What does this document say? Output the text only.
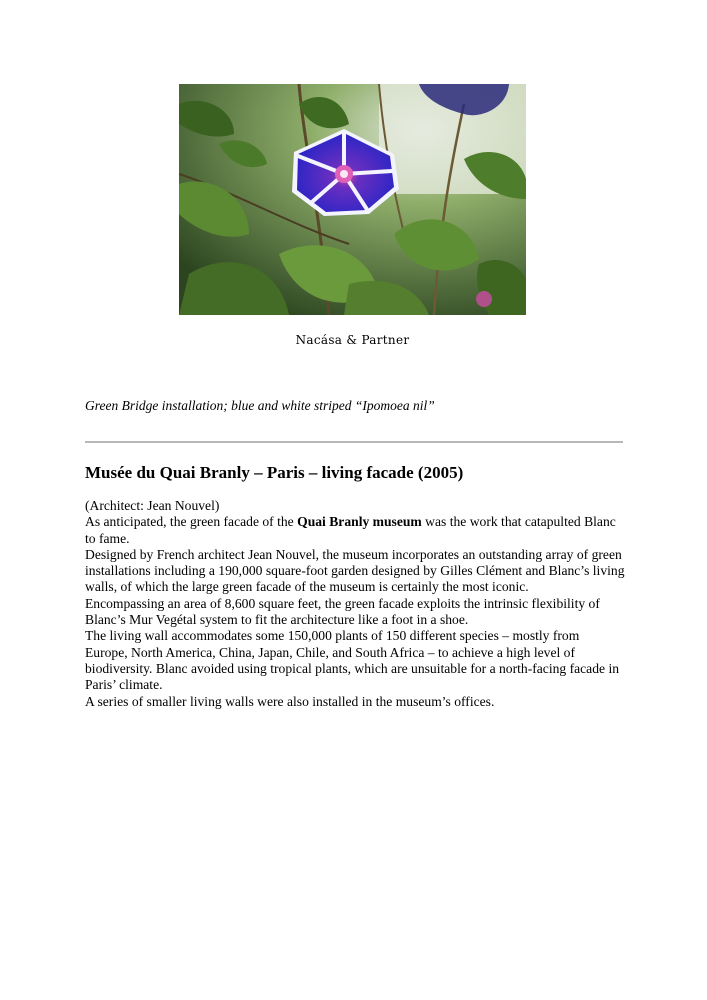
Nacása & Partner
Green Bridge installation; blue and white striped “Ipomoea nil”
Musée du Quai Branly – Paris – living facade (2005)

(Architect: Jean Nouvel)

As anticipated, the green facade of the Quai Branly museum was the work that catapulted Blanc to fame.

Designed by French architect Jean Nouvel, the museum incorporates an outstanding array of green installations including a 190,000 square-foot garden designed by Gilles Clément and Blanc’s living walls, of which the large green facade of the museum is certainly the most iconic.

Encompassing an area of 8,600 square feet, the green facade exploits the intrinsic flexibility of Blanc’s Mur Vegétal system to fit the architecture like a foot in a shoe.

The living wall accommodates some 150,000 plants of 150 different species – mostly from Europe, North America, China, Japan, Chile, and South Africa – to achieve a high level of biodiversity. Blanc avoided using tropical plants, which are unsuitable for a north-facing facade in Paris’ climate.

A series of smaller living walls were also installed in the museum’s offices.
